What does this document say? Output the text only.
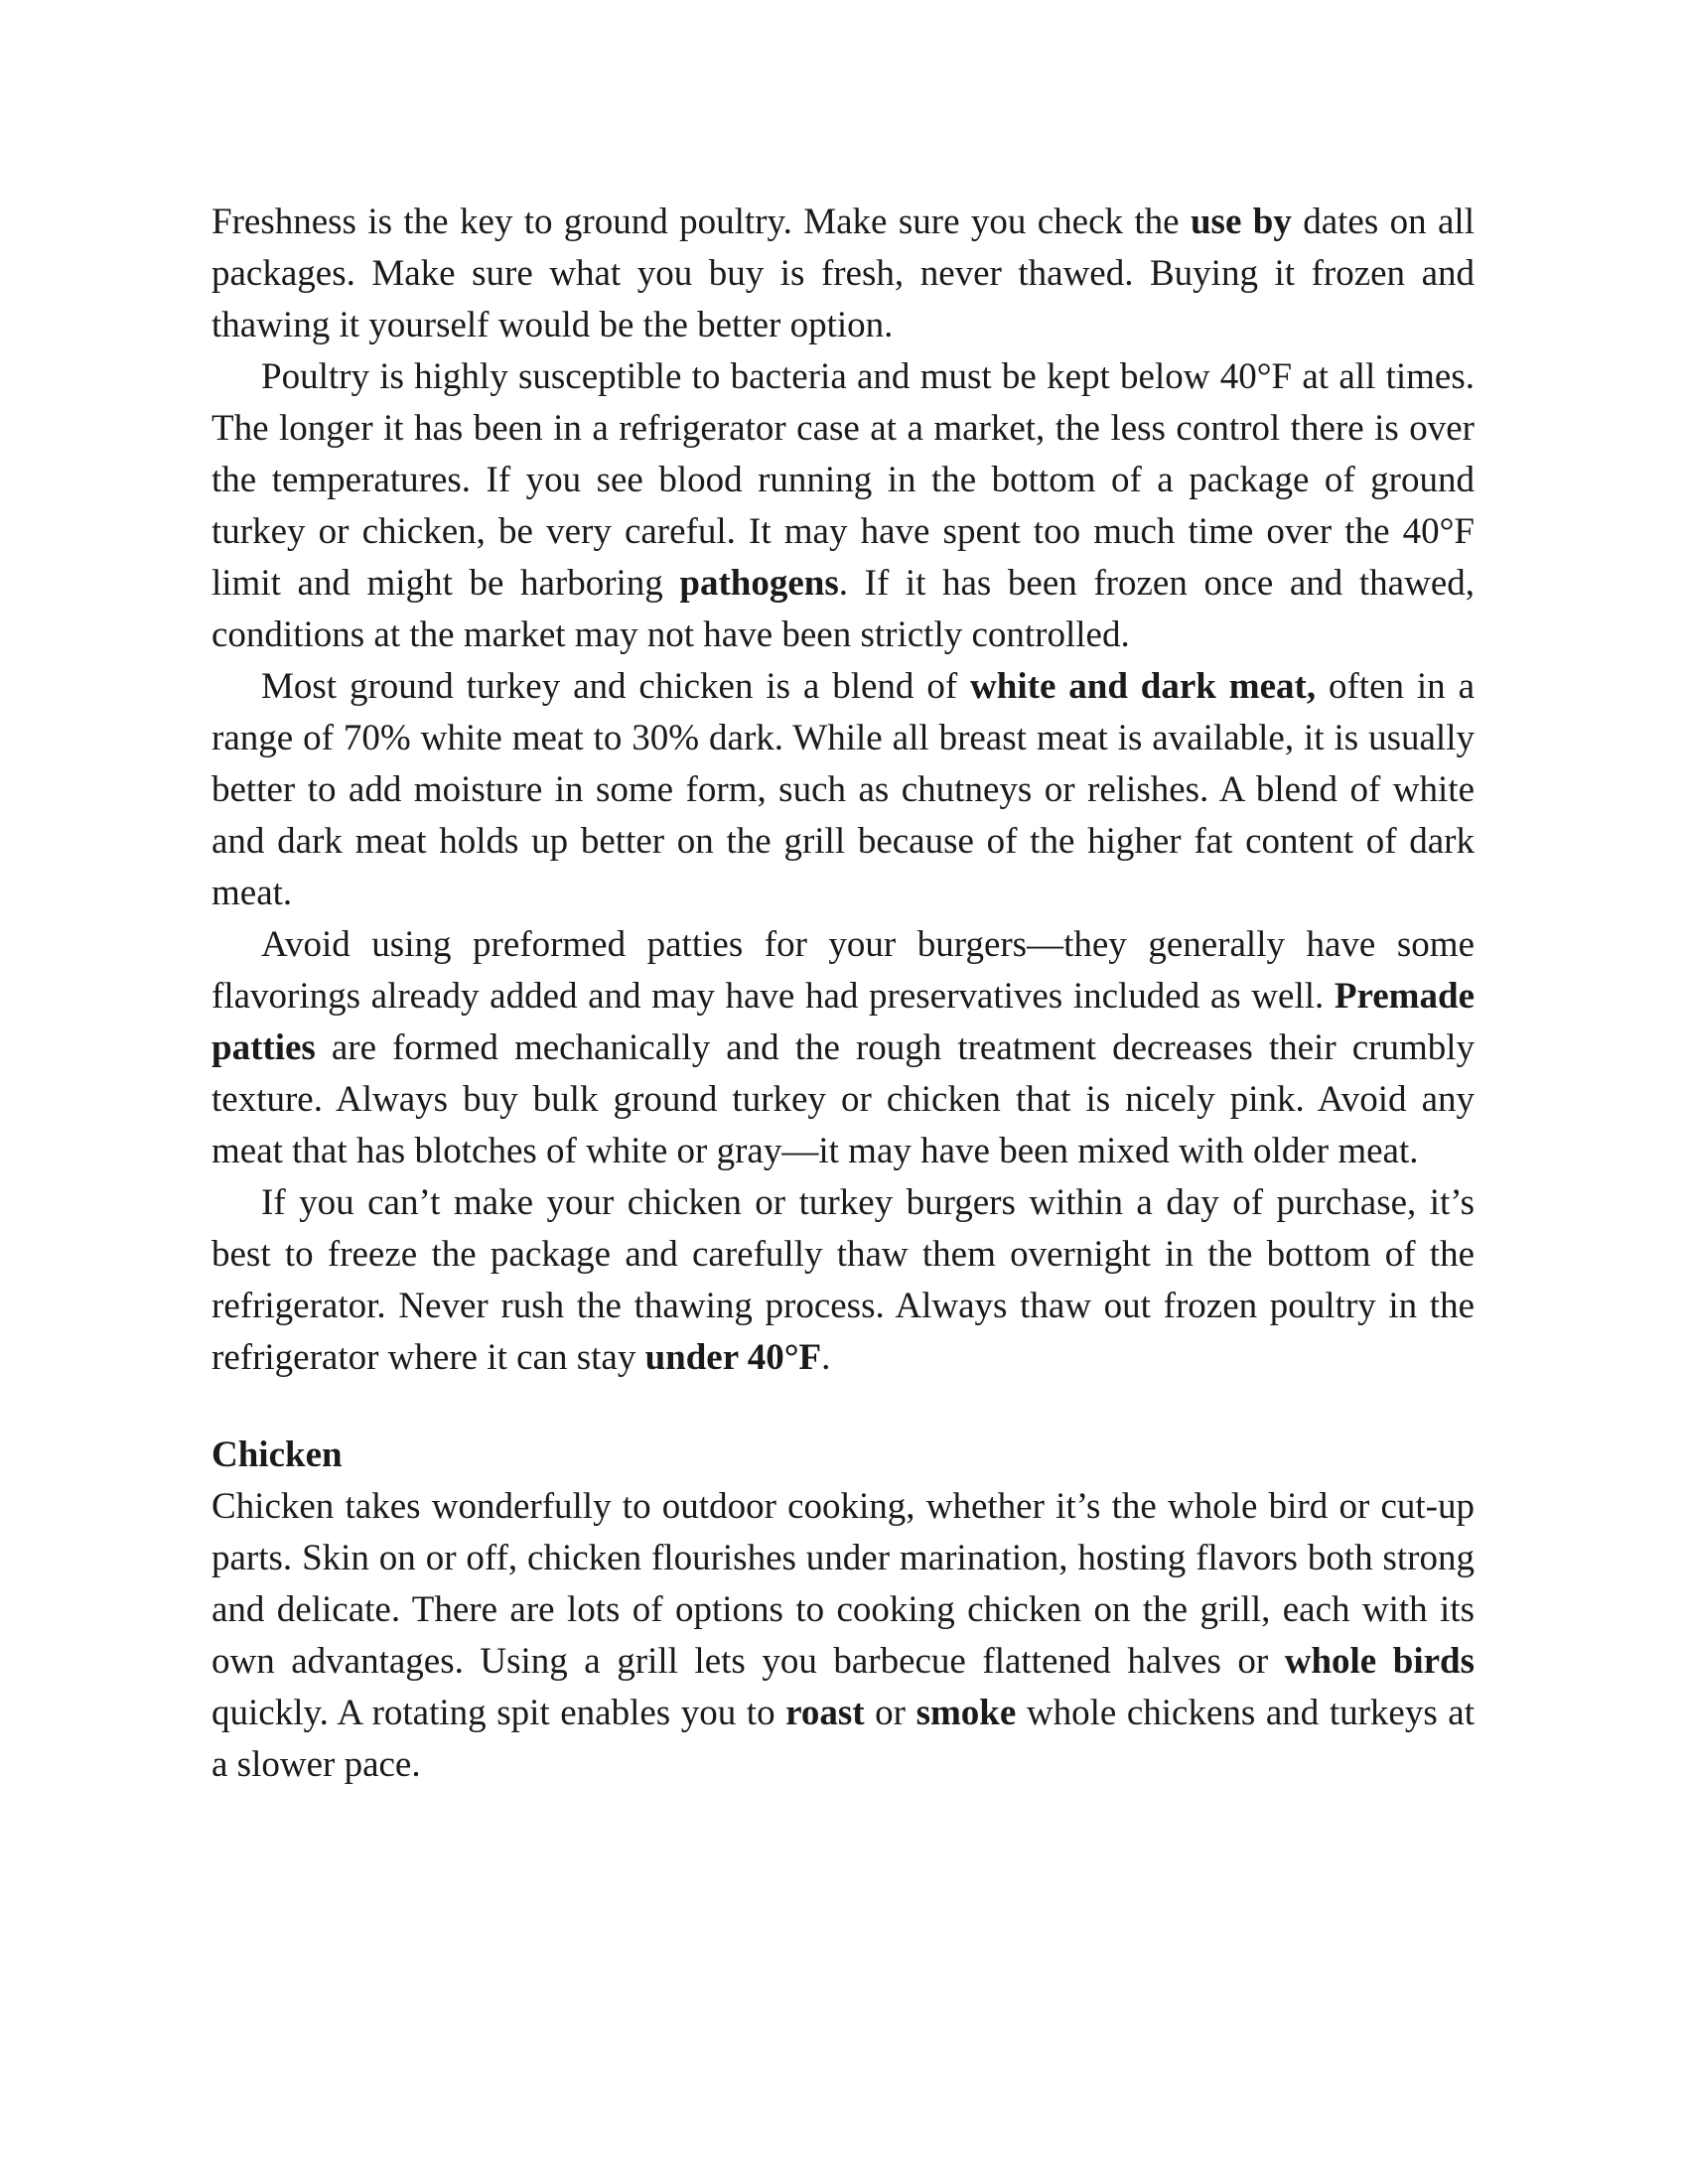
Freshness is the key to ground poultry. Make sure you check the use by dates on all packages. Make sure what you buy is fresh, never thawed. Buying it frozen and thawing it yourself would be the better option.

Poultry is highly susceptible to bacteria and must be kept below 40°F at all times. The longer it has been in a refrigerator case at a market, the less control there is over the temperatures. If you see blood running in the bottom of a package of ground turkey or chicken, be very careful. It may have spent too much time over the 40°F limit and might be harboring pathogens. If it has been frozen once and thawed, conditions at the market may not have been strictly controlled.

Most ground turkey and chicken is a blend of white and dark meat, often in a range of 70% white meat to 30% dark. While all breast meat is available, it is usually better to add moisture in some form, such as chutneys or relishes. A blend of white and dark meat holds up better on the grill because of the higher fat content of dark meat.

Avoid using preformed patties for your burgers—they generally have some flavorings already added and may have had preservatives included as well. Premade patties are formed mechanically and the rough treatment decreases their crumbly texture. Always buy bulk ground turkey or chicken that is nicely pink. Avoid any meat that has blotches of white or gray—it may have been mixed with older meat.

If you can’t make your chicken or turkey burgers within a day of purchase, it’s best to freeze the package and carefully thaw them overnight in the bottom of the refrigerator. Never rush the thawing process. Always thaw out frozen poultry in the refrigerator where it can stay under 40°F.

Chicken

Chicken takes wonderfully to outdoor cooking, whether it’s the whole bird or cut-up parts. Skin on or off, chicken flourishes under marination, hosting flavors both strong and delicate. There are lots of options to cooking chicken on the grill, each with its own advantages. Using a grill lets you barbecue flattened halves or whole birds quickly. A rotating spit enables you to roast or smoke whole chickens and turkeys at a slower pace.
